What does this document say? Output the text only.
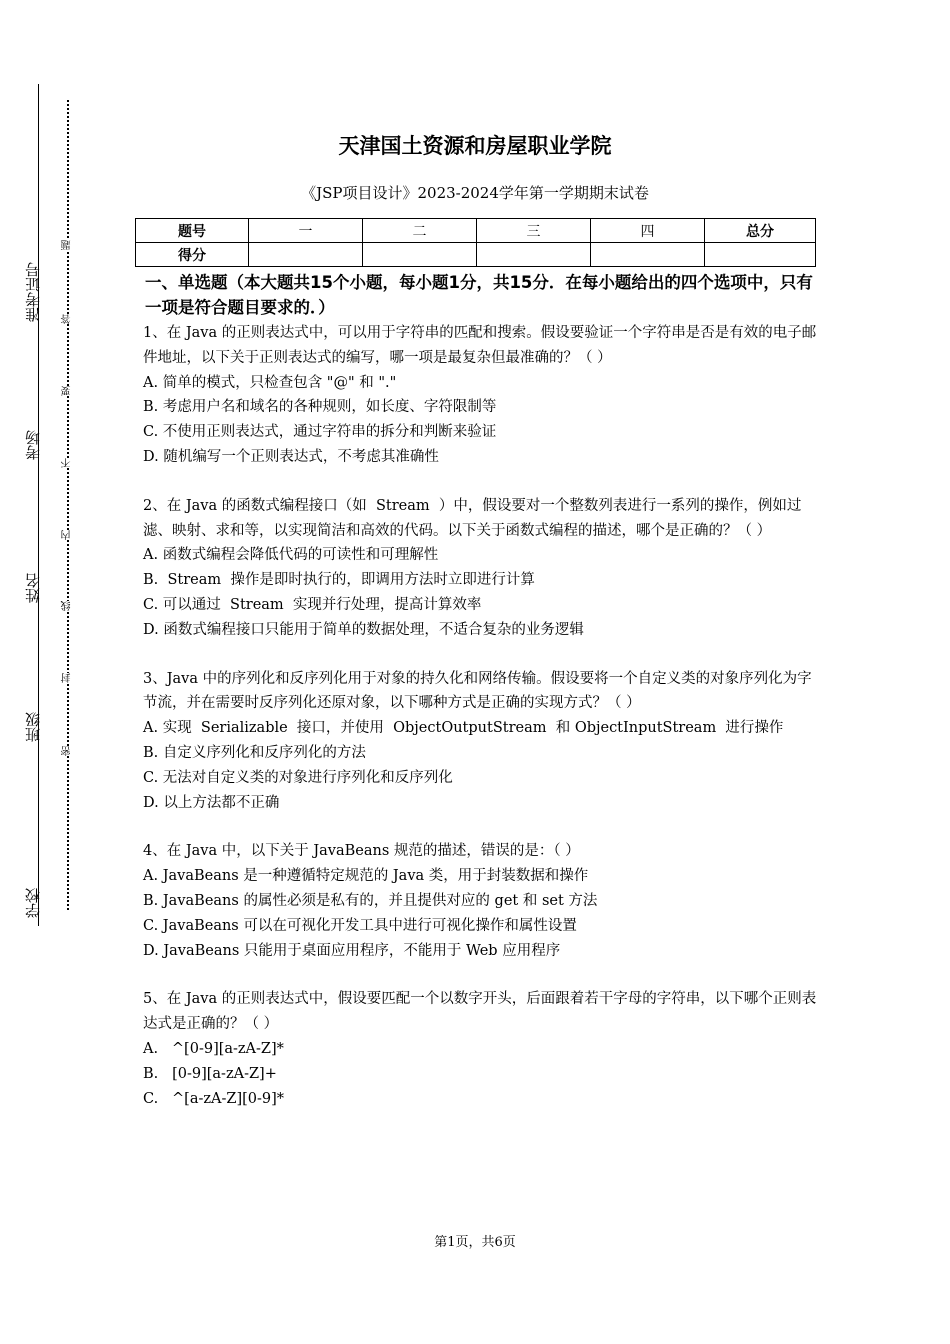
准考证号
考场
姓名
班级
学校
题
答
要
不
内
线
封
密
天津国土资源和房屋职业学院
《JSP项目设计》2023-2024学年第一学期期末试卷
题号	一	二	三	四	总分
得分					
一、单选题（本大题共15个小题，每小题1分，共15分．在每小题给出的四个选项中，只有一项是符合题目要求的．）
1、在 Java 的正则表达式中，可以用于字符串的匹配和搜索。假设要验证一个字符串是否是有效的电子邮件地址，以下关于正则表达式的编写，哪一项是最复杂但最准确的？（ ）
A. 简单的模式，只检查包含 "@" 和 "."
B. 考虑用户名和域名的各种规则，如长度、字符限制等
C. 不使用正则表达式，通过字符串的拆分和判断来验证
D. 随机编写一个正则表达式，不考虑其准确性
2、在 Java 的函数式编程接口（如  Stream  ）中，假设要对一个整数列表进行一系列的操作，例如过滤、映射、求和等，以实现简洁和高效的代码。以下关于函数式编程的描述，哪个是正确的？（ ）
A. 函数式编程会降低代码的可读性和可理解性
B.  Stream  操作是即时执行的，即调用方法时立即进行计算
C. 可以通过  Stream  实现并行处理，提高计算效率
D. 函数式编程接口只能用于简单的数据处理，不适合复杂的业务逻辑
3、Java 中的序列化和反序列化用于对象的持久化和网络传输。假设要将一个自定义类的对象序列化为字节流，并在需要时反序列化还原对象，以下哪种方式是正确的实现方式？（ ）
A. 实现  Serializable  接口，并使用  ObjectOutputStream  和 ObjectInputStream  进行操作
B. 自定义序列化和反序列化的方法
C. 无法对自定义类的对象进行序列化和反序列化
D. 以上方法都不正确
4、在 Java 中，以下关于 JavaBeans 规范的描述，错误的是：（ ）
A. JavaBeans 是一种遵循特定规范的 Java 类，用于封装数据和操作
B. JavaBeans 的属性必须是私有的，并且提供对应的 get 和 set 方法
C. JavaBeans 可以在可视化开发工具中进行可视化操作和属性设置
D. JavaBeans 只能用于桌面应用程序，不能用于 Web 应用程序
5、在 Java 的正则表达式中，假设要匹配一个以数字开头，后面跟着若干字母的字符串，以下哪个正则表达式是正确的？（ ）
A.   ^[0-9][a-zA-Z]*
B.   [0-9][a-zA-Z]+
C.   ^[a-zA-Z][0-9]*
第1页，共6页
